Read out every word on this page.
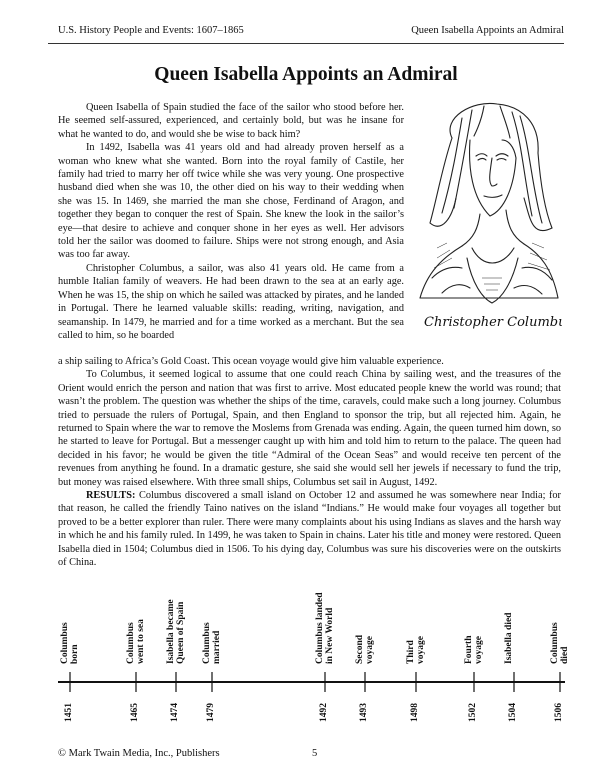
U.S. History People and Events: 1607–1865	Queen Isabella Appoints an Admiral
Queen Isabella Appoints an Admiral
Christopher Columbus

Queen Isabella of Spain studied the face of the sailor who stood before her. He seemed self-assured, experienced, and certainly bold, but was he insane for what he wanted to do, and would she be wise to back him?

In 1492, Isabella was 41 years old and had already proven herself as a woman who knew what she wanted. Born into the royal family of Castile, her family had tried to marry her off twice while she was very young. One prospective husband died when she was 10, the other died on his way to their wedding when she was 15. In 1469, she married the man she chose, Ferdinand of Aragon, and together they began to conquer the rest of Spain. She knew the look in the sailor’s eye—that desire to achieve and conquer shone in her eyes as well. Her advisors told her the sailor was doomed to failure. Ships were not strong enough, and Asia was too far away.

Christopher Columbus, a sailor, was also 41 years old. He came from a humble Italian family of weavers. He had been drawn to the sea at an early age. When he was 15, the ship on which he sailed was attacked by pirates, and he landed in Portugal. There he learned valuable skills: reading, writing, navigation, and seamanship. In 1479, he married and for a time worked as a merchant. But the sea called to him, so he boarded

a ship sailing to Africa’s Gold Coast. This ocean voyage would give him valuable experience.

To Columbus, it seemed logical to assume that one could reach China by sailing west, and the treasures of the Orient would enrich the person and nation that was first to arrive. Most educated people knew the world was round; that wasn’t the problem. The question was whether the ships of the time, caravels, could make such a long journey. Columbus tried to persuade the rulers of Portugal, Spain, and then England to sponsor the trip, but all rejected him. Again, he returned to Spain where the war to remove the Moslems from Grenada was ending. Again, the queen turned him down, so he started to leave for Portugal. But a messenger caught up with him and told him to return to the palace. The queen had decided in his favor; he would be given the title “Admiral of the Ocean Seas” and would receive ten percent of the revenues from anything he found. In a dramatic gesture, she said she would sell her jewels if necessary to fund the trip, but money was raised elsewhere. With three small ships, Columbus set sail in August, 1492.

RESULTS: Columbus discovered a small island on October 12 and assumed he was somewhere near India; for that reason, he called the friendly Taino natives on the island “Indians.” He would make four voyages all together but proved to be a better explorer than ruler. There were many complaints about his using Indians as slaves and the harsh way in which he and his family ruled. In 1499, he was taken to Spain in chains. Later his title and money were restored. Queen Isabella died in 1504; Columbus died in 1506. To his dying day, Columbus was sure his discoveries were on the outskirts of China.

Columbus
born
1451
Columbus
went to sea
1465
Isabella became
Queen of Spain
1474
Columbus
married
1479
Columbus landed
in New World
1492
Second
voyage
1493
Third
voyage
1498
Fourth
voyage
1502
Isabella died
1504
Columbus
died
1506
© Mark Twain Media, Inc., Publishers	5
